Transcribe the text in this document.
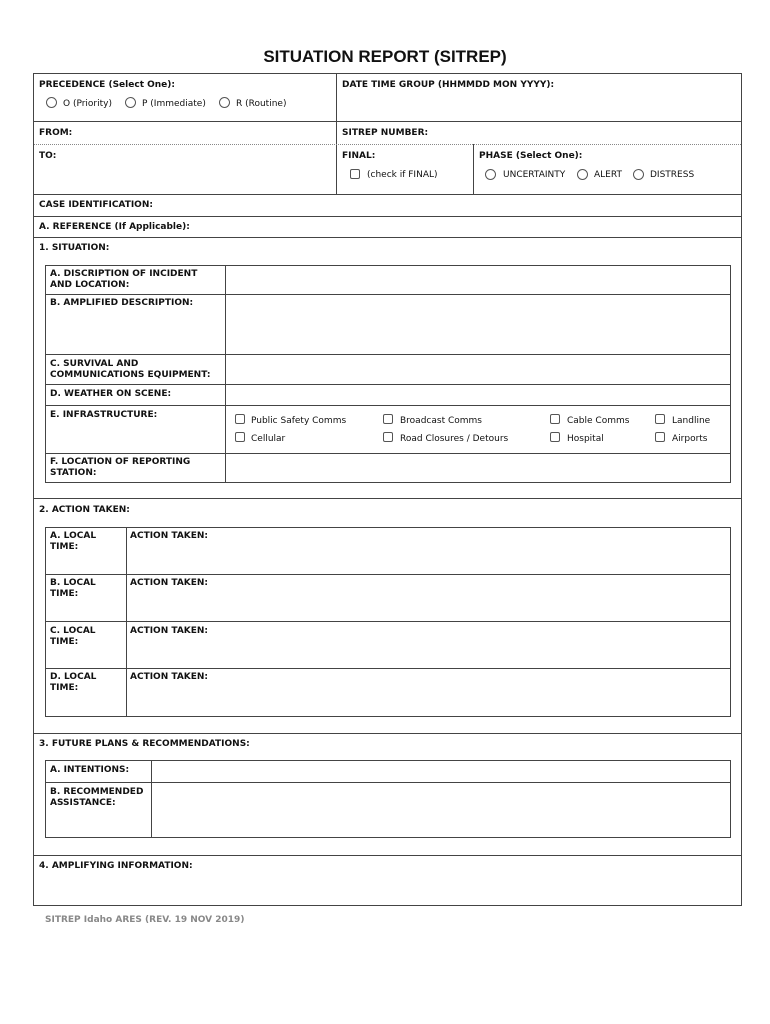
SITUATION REPORT (SITREP)
PRECEDENCE (Select One):
O (Priority)	P (Immediate)	R (Routine)
DATE TIME GROUP (HHMMDD MON YYYY):
FROM:	SITREP NUMBER:
TO:	FINAL:
(check if FINAL)
PHASE (Select One):
UNCERTAINTY	ALERT	DISTRESS
CASE IDENTIFICATION:
A. REFERENCE (If Applicable):
1. SITUATION:
A. DISCRIPTION OF INCIDENT
AND LOCATION:
B. AMPLIFIED DESCRIPTION:
C. SURVIVAL AND
COMMUNICATIONS EQUIPMENT:
D. WEATHER ON SCENE:
E. INFRASTRUCTURE:
Public Safety Comms	Broadcast Comms	Cable Comms	Landline
Cellular	Road Closures / Detours	Hospital	Airports
F. LOCATION OF REPORTING
STATION:
2. ACTION TAKEN:
A. LOCAL
TIME:
ACTION TAKEN:
B. LOCAL
TIME:
ACTION TAKEN:
C. LOCAL
TIME:
ACTION TAKEN:
D. LOCAL
TIME:
ACTION TAKEN:
3. FUTURE PLANS & RECOMMENDATIONS:
A. INTENTIONS:
B. RECOMMENDED
ASSISTANCE:
4. AMPLIFYING INFORMATION:
SITREP Idaho ARES (REV. 19 NOV 2019)
